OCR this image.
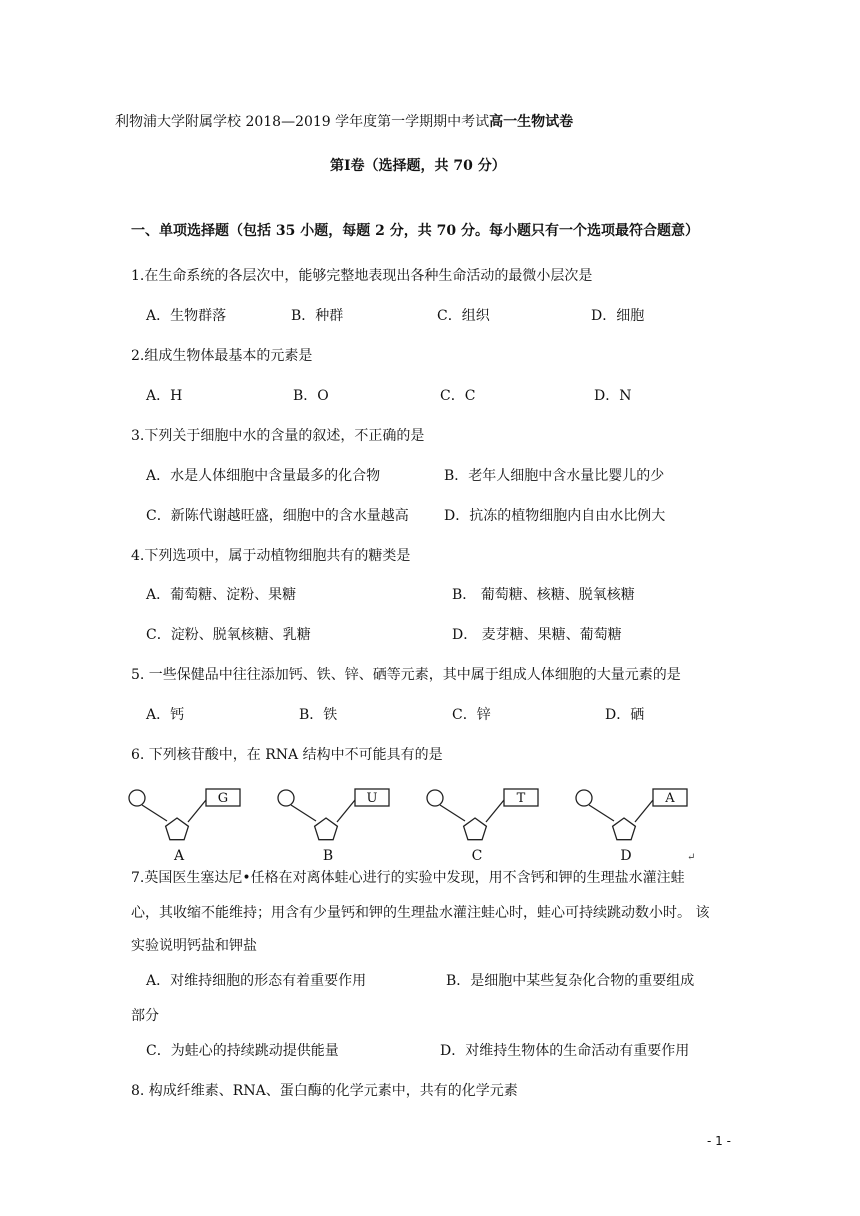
利物浦大学附属学校 2018—2019 学年度第一学期期中考试高一生物试卷
第Ⅰ卷（选择题，共 70 分）
一、单项选择题（包括 35 小题，每题 2 分，共 70 分。每小题只有一个选项最符合题意）
1.在生命系统的各层次中，能够完整地表现出各种生命活动的最微小层次是
A．生物群落	B．种群	C．组织	D．细胞
2.组成生物体最基本的元素是
A．H	B．O	C．C	D．N
3.下列关于细胞中水的含量的叙述，不正确的是
A．水是人体细胞中含量最多的化合物	B．老年人细胞中含水量比婴儿的少
C．新陈代谢越旺盛，细胞中的含水量越高	D．抗冻的植物细胞内自由水比例大
4.下列选项中，属于动植物细胞共有的糖类是
A．葡萄糖、淀粉、果糖	B． 葡萄糖、核糖、脱氧核糖
C．淀粉、脱氧核糖、乳糖	D． 麦芽糖、果糖、葡萄糖
5. 一些保健品中往往添加钙、铁、锌、硒等元素，其中属于组成人体细胞的大量元素的是
A．钙	B．铁	C．锌	D．硒
6. 下列核苷酸中，在 RNA 结构中不可能具有的是
G
A
U
B
T
C
A
D	↵
7.英国医生塞达尼•任格在对离体蛙心进行的实验中发现，用不含钙和钾的生理盐水灌注蛙
心，其收缩不能维持；用含有少量钙和钾的生理盐水灌注蛙心时，蛙心可持续跳动数小时。 该
实验说明钙盐和钾盐
A．对维持细胞的形态有着重要作用	B．是细胞中某些复杂化合物的重要组成
部分
C．为蛙心的持续跳动提供能量	D．对维持生物体的生命活动有重要作用
8. 构成纤维素、RNA、蛋白酶的化学元素中，共有的化学元素
- 1 -
